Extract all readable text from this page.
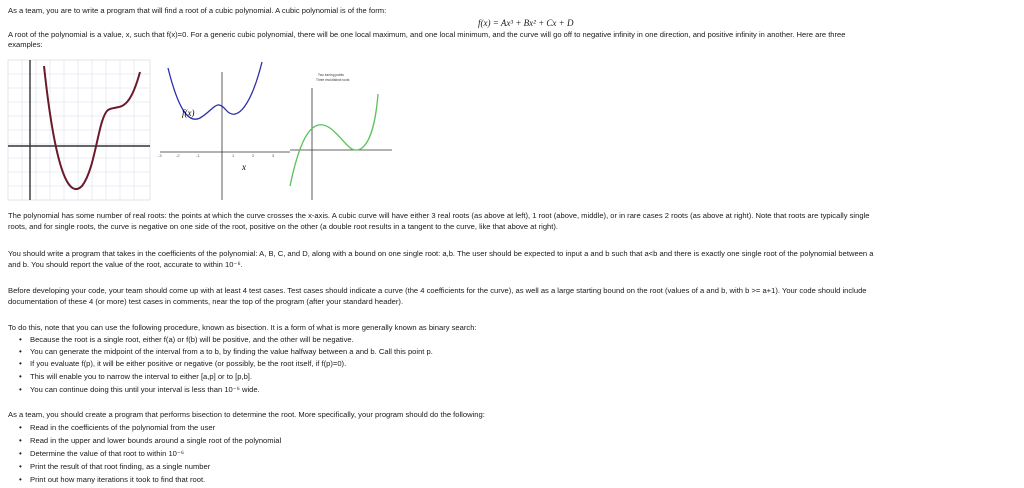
As a team, you are to write a program that will find a root of a cubic polynomial. A cubic polynomial is of the form:
f(x) = Ax³ + Bx² + Cx + D
A root of the polynomial is a value, x, such that f(x)=0. For a generic cubic polynomial, there will be one local maximum, and one local minimum, and the curve will go off to negative infinity in one direction, and positive infinity in another. Here are three
examples:
-3	-2	-1	1	2	3
f(x)
x
Two turning points
Three real distinct roots
The polynomial has some number of real roots: the points at which the curve crosses the x-axis. A cubic curve will have either 3 real roots (as above at left), 1 root (above, middle), or in rare cases 2 roots (as above at right). Note that roots are typically single
roots, and for single roots, the curve is negative on one side of the root, positive on the other (a double root results in a tangent to the curve, like that above at right).
You should write a program that takes in the coefficients of the polynomial: A, B, C, and D, along with a bound on one single root: a,b. The user should be expected to input a and b such that a<b and there is exactly one single root of the polynomial between a
and b. You should report the value of the root, accurate to within 10⁻⁶.
Before developing your code, your team should come up with at least 4 test cases. Test cases should indicate a curve (the 4 coefficients for the curve), as well as a large starting bound on the root (values of a and b, with b >= a+1). Your code should include
documentation of these 4 (or more) test cases in comments, near the top of the program (after your standard header).
To do this, note that you can use the following procedure, known as bisection. It is a form of what is more generally known as binary search:
• Because the root is a single root, either f(a) or f(b) will be positive, and the other will be negative.
• You can generate the midpoint of the interval from a to b, by finding the value halfway between a and b. Call this point p.
• If you evaluate f(p), it will be either positive or negative (or possibly, be the root itself, if f(p)=0).
• This will enable you to narrow the interval to either [a,p] or to [p,b].
• You can continue doing this until your interval is less than 10⁻⁶ wide.
As a team, you should create a program that performs bisection to determine the root. More specifically, your program should do the following:
• Read in the coefficients of the polynomial from the user
• Read in the upper and lower bounds around a single root of the polynomial
• Determine the value of that root to within 10⁻⁶
• Print the result of that root finding, as a single number
• Print out how many iterations it took to find that root.
